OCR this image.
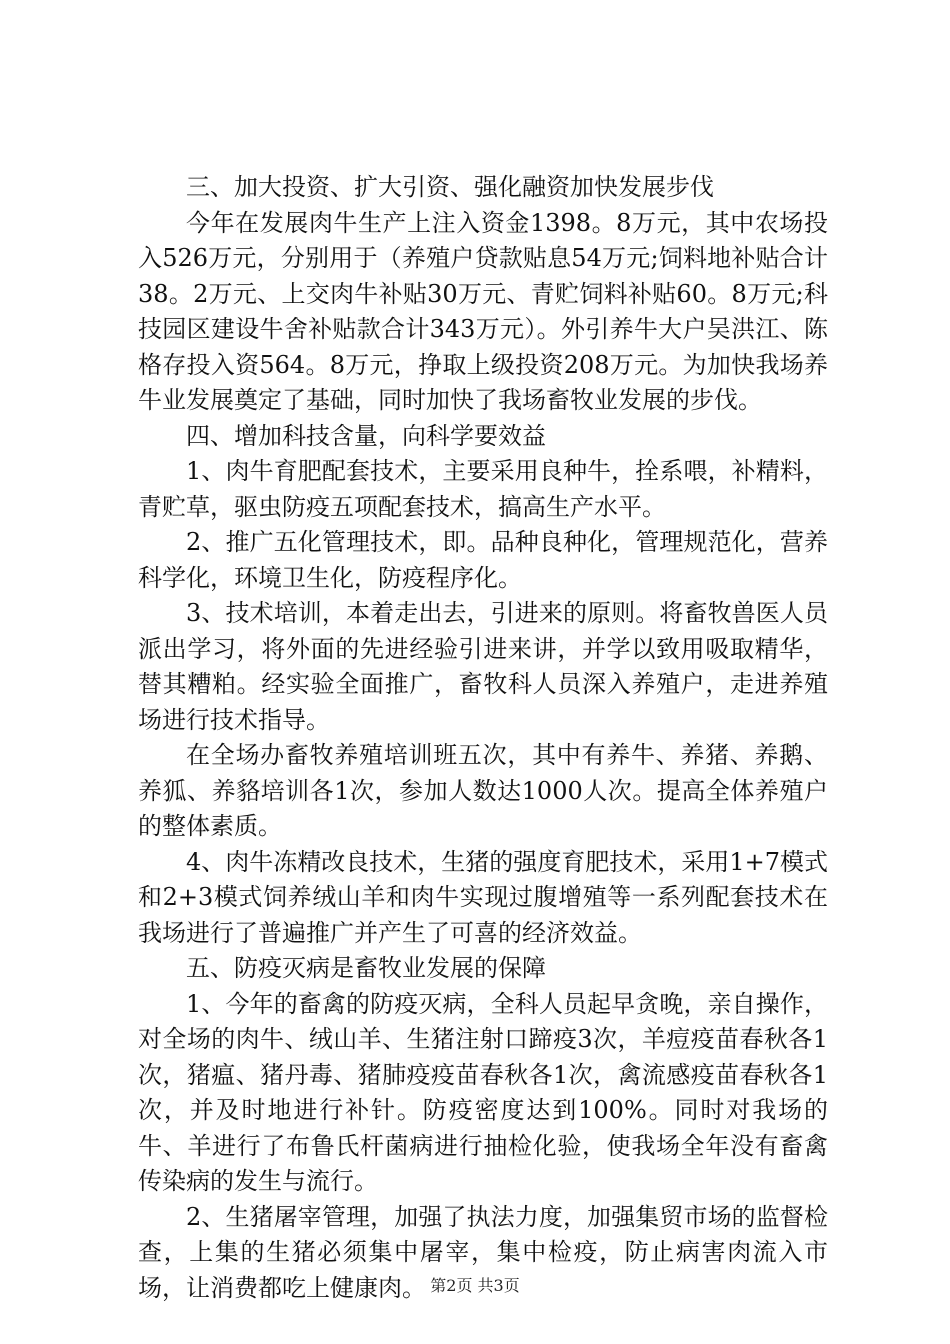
三、加大投资、扩大引资、强化融资加快发展步伐

今年在发展肉牛生产上注入资金1398。8万元，其中农场投入526万元，分别用于（养殖户贷款贴息54万元;饲料地补贴合计38。2万元、上交肉牛补贴30万元、青贮饲料补贴60。8万元;科技园区建设牛舍补贴款合计343万元）。外引养牛大户吴洪江、陈格存投入资564。8万元，挣取上级投资208万元。为加快我场养牛业发展奠定了基础，同时加快了我场畜牧业发展的步伐。

四、增加科技含量，向科学要效益

1、肉牛育肥配套技术，主要采用良种牛，拴系喂，补精料，青贮草，驱虫防疫五项配套技术，搞高生产水平。

2、推广五化管理技术，即。品种良种化，管理规范化，营养科学化，环境卫生化，防疫程序化。

3、技术培训，本着走出去，引进来的原则。将畜牧兽医人员派出学习，将外面的先进经验引进来讲，并学以致用吸取精华，替其糟粕。经实验全面推广，畜牧科人员深入养殖户，走进养殖场进行技术指导。

在全场办畜牧养殖培训班五次，其中有养牛、养猪、养鹅、养狐、养貉培训各1次，参加人数达1000人次。提高全体养殖户的整体素质。

4、肉牛冻精改良技术，生猪的强度育肥技术，采用1+7模式和2+3模式饲养绒山羊和肉牛实现过腹增殖等一系列配套技术在我场进行了普遍推广并产生了可喜的经济效益。

五、防疫灭病是畜牧业发展的保障

1、今年的畜禽的防疫灭病，全科人员起早贪晚，亲自操作，对全场的肉牛、绒山羊、生猪注射口蹄疫3次，羊痘疫苗春秋各1次，猪瘟、猪丹毒、猪肺疫疫苗春秋各1次，禽流感疫苗春秋各1次，并及时地进行补针。防疫密度达到100%。同时对我场的牛、羊进行了布鲁氏杆菌病进行抽检化验，使我场全年没有畜禽传染病的发生与流行。

2、生猪屠宰管理，加强了执法力度，加强集贸市场的监督检查，上集的生猪必须集中屠宰，集中检疫，防止病害肉流入市场，让消费都吃上健康肉。 第2页 共3页
